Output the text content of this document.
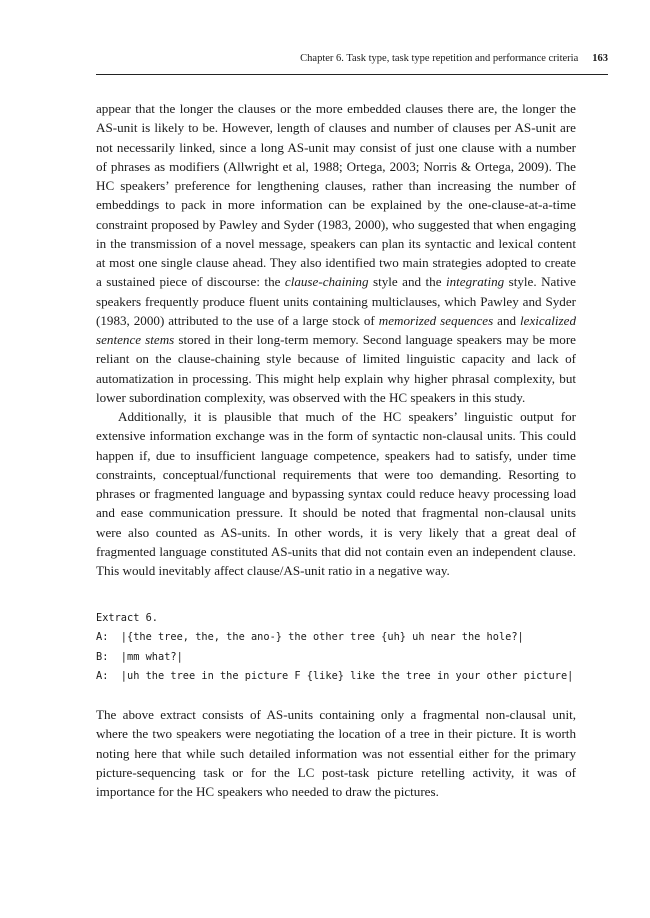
Chapter 6. Task type, task type repetition and performance criteria 163

appear that the longer the clauses or the more embedded clauses there are, the longer the AS-unit is likely to be. However, length of clauses and number of clauses per AS-unit are not necessarily linked, since a long AS-unit may consist of just one clause with a number of phrases as modifiers (Allwright et al, 1988; Ortega, 2003; Norris & Ortega, 2009). The HC speakers’ preference for lengthening clauses, rather than increasing the number of embeddings to pack in more information can be explained by the one-clause-at-a-time constraint proposed by Pawley and Syder (1983, 2000), who suggested that when engaging in the transmission of a novel message, speakers can plan its syntactic and lexical content at most one single clause ahead. They also identified two main strategies adopted to create a sustained piece of discourse: the clause-chaining style and the integrating style. Native speakers frequently produce fluent units containing multiclauses, which Pawley and Syder (1983, 2000) attributed to the use of a large stock of memorized sequences and lexicalized sentence stems stored in their long-term memory. Second language speakers may be more reliant on the clause-chaining style because of limited linguistic capacity and lack of automatization in processing. This might help explain why higher phrasal complexity, but lower subordination complexity, was observed with the HC speakers in this study.

Additionally, it is plausible that much of the HC speakers’ linguistic output for extensive information exchange was in the form of syntactic non-clausal units. This could happen if, due to insufficient language competence, speakers had to satisfy, under time constraints, conceptual/functional requirements that were too demanding. Resorting to phrases or fragmented language and bypassing syntax could reduce heavy processing load and ease communication pressure. It should be noted that fragmental non-clausal units were also counted as AS-units. In other words, it is very likely that a great deal of fragmented language constituted AS-units that did not contain even an independent clause. This would inevitably affect clause/AS-unit ratio in a negative way.

Extract 6.
A:  |{the tree, the, the ano-} the other tree {uh} uh near the hole?|
B:  |mm what?|
A:  |uh the tree in the picture F {like} like the tree in your other picture|

The above extract consists of AS-units containing only a fragmental non-clausal unit, where the two speakers were negotiating the location of a tree in their picture. It is worth noting here that while such detailed information was not essential either for the primary picture-sequencing task or for the LC post-task picture retelling activity, it was of importance for the HC speakers who needed to draw the pictures.
